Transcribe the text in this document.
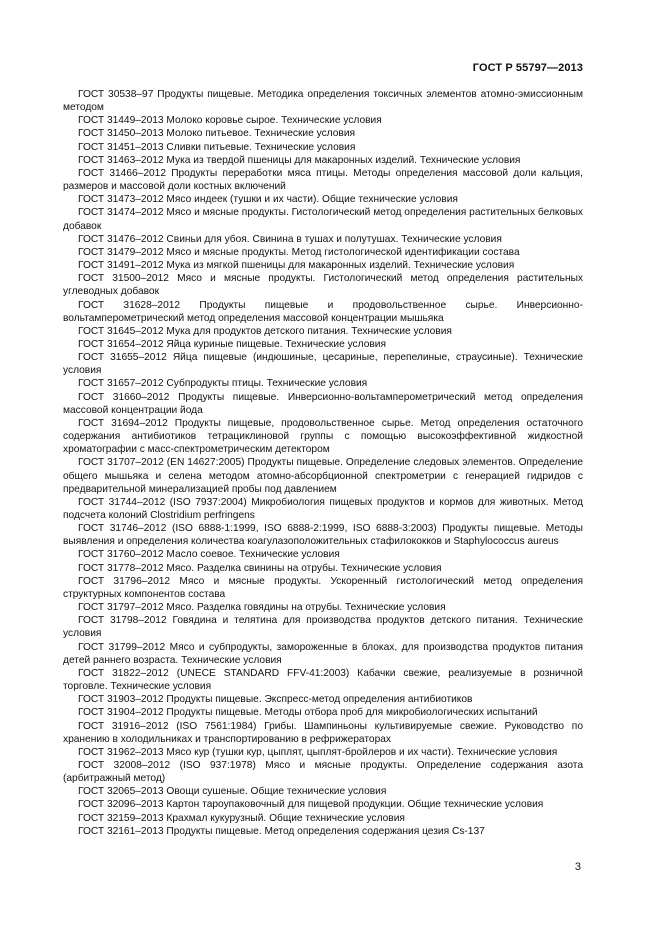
ГОСТ Р 55797—2013

ГОСТ 30538–97 Продукты пищевые. Методика определения токсичных элементов атомно-эмиссионным методом

ГОСТ 31449–2013 Молоко коровье сырое. Технические условия

ГОСТ 31450–2013 Молоко питьевое. Технические условия

ГОСТ 31451–2013 Сливки питьевые. Технические условия

ГОСТ 31463–2012 Мука из твердой пшеницы для макаронных изделий. Технические условия

ГОСТ 31466–2012 Продукты переработки мяса птицы. Методы определения массовой доли кальция, размеров и массовой доли костных включений

ГОСТ 31473–2012 Мясо индеек (тушки и их части). Общие технические условия

ГОСТ 31474–2012 Мясо и мясные продукты. Гистологический метод определения растительных белковых добавок

ГОСТ 31476–2012 Свиньи для убоя. Свинина в тушах и полутушах. Технические условия

ГОСТ 31479–2012 Мясо и мясные продукты. Метод гистологической идентификации состава

ГОСТ 31491–2012 Мука из мягкой пшеницы для макаронных изделий. Технические условия

ГОСТ 31500–2012 Мясо и мясные продукты. Гистологический метод определения растительных углеводных добавок

ГОСТ 31628–2012 Продукты пищевые и продовольственное сырье. Инверсионно-вольтамперометрический метод определения массовой концентрации мышьяка

ГОСТ 31645–2012 Мука для продуктов детского питания. Технические условия

ГОСТ 31654–2012 Яйца куриные пищевые. Технические условия

ГОСТ 31655–2012 Яйца пищевые (индюшиные, цесариные, перепелиные, страусиные). Технические условия

ГОСТ 31657–2012 Субпродукты птицы. Технические условия

ГОСТ 31660–2012 Продукты пищевые. Инверсионно-вольтамперометрический метод определения массовой концентрации йода

ГОСТ 31694–2012 Продукты пищевые, продовольственное сырье. Метод определения остаточного содержания антибиотиков тетрациклиновой группы с помощью высокоэффективной жидкостной хроматографии с масс-спектрометрическим детектором

ГОСТ 31707–2012 (EN 14627:2005) Продукты пищевые. Определение следовых элементов. Определение общего мышьяка и селена методом атомно-абсорбционной спектрометрии с генерацией гидридов с предварительной минерализацией пробы под давлением

ГОСТ 31744–2012 (ISO 7937:2004) Микробиология пищевых продуктов и кормов для животных. Метод подсчета колоний Clostridium perfringens

ГОСТ 31746–2012 (ISO 6888-1:1999, ISO 6888-2:1999, ISO 6888-3:2003) Продукты пищевые. Методы выявления и определения количества коагулазоположительных стафилококков и Staphylococcus aureus

ГОСТ 31760–2012 Масло соевое. Технические условия

ГОСТ 31778–2012 Мясо. Разделка свинины на отрубы. Технические условия

ГОСТ 31796–2012 Мясо и мясные продукты. Ускоренный гистологический метод определения структурных компонентов состава

ГОСТ 31797–2012 Мясо. Разделка говядины на отрубы. Технические условия

ГОСТ 31798–2012 Говядина и телятина для производства продуктов детского питания. Технические условия

ГОСТ 31799–2012 Мясо и субпродукты, замороженные в блоках, для производства продуктов питания детей раннего возраста. Технические условия

ГОСТ 31822–2012 (UNECE STANDARD FFV-41:2003) Кабачки свежие, реализуемые в розничной торговле. Технические условия

ГОСТ 31903–2012 Продукты пищевые. Экспресс-метод определения антибиотиков

ГОСТ 31904–2012 Продукты пищевые. Методы отбора проб для микробиологических испытаний

ГОСТ 31916–2012 (ISO 7561:1984) Грибы. Шампиньоны культивируемые свежие. Руководство по хранению в холодильниках и транспортированию в рефрижераторах

ГОСТ 31962–2013 Мясо кур (тушки кур, цыплят, цыплят-бройлеров и их части). Технические условия

ГОСТ 32008–2012 (ISO 937:1978) Мясо и мясные продукты. Определение содержания азота (арбитражный метод)

ГОСТ 32065–2013 Овощи сушеные. Общие технические условия

ГОСТ 32096–2013 Картон тароупаковочный для пищевой продукции. Общие технические условия

ГОСТ 32159–2013 Крахмал кукурузный. Общие технические условия

ГОСТ 32161–2013 Продукты пищевые. Метод определения содержания цезия Cs-137

3
